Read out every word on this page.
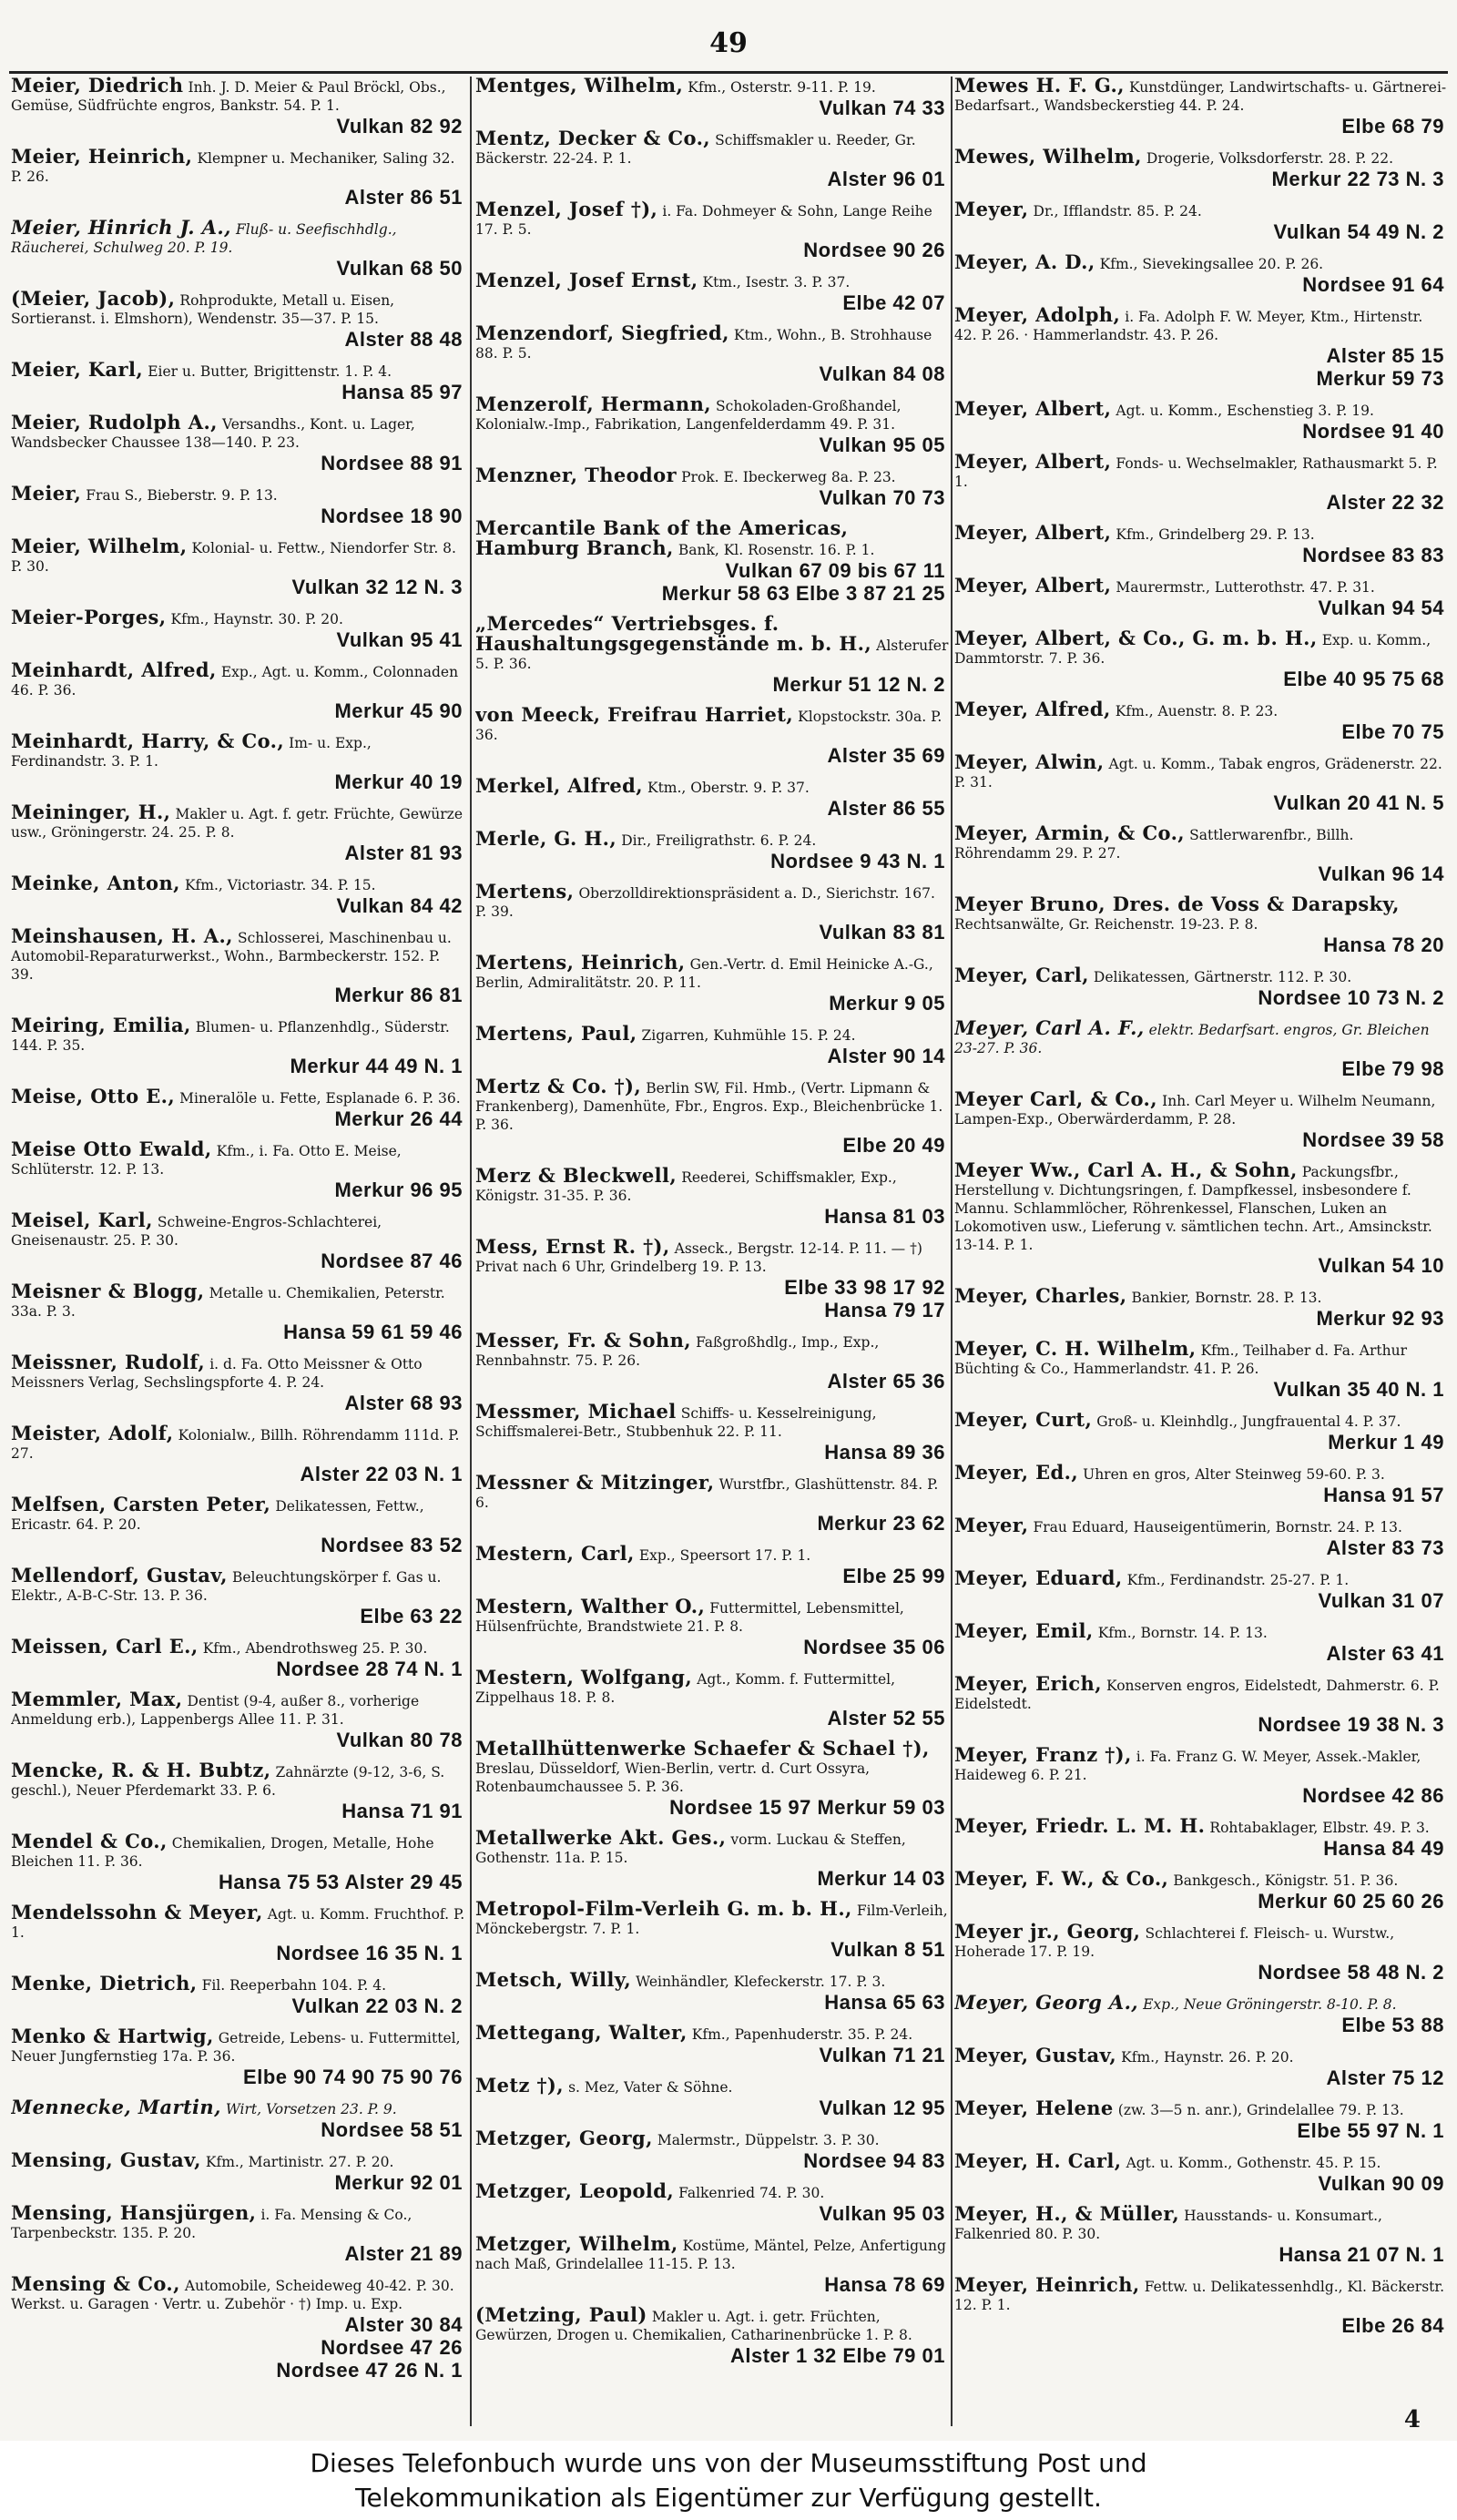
49
Meier, Diedrich Inh. J. D. Meier & Paul Bröckl, Obs., Gemüse, Südfrüchte engros, Bankstr. 54. P. 1.
Vulkan 82 92
Meier, Heinrich, Klempner u. Mechaniker, Saling 32. P. 26.
Alster 86 51
Meier, Hinrich J. A., Fluß- u. Seefischhdlg., Räucherei, Schulweg 20. P. 19.
Vulkan 68 50
(Meier, Jacob), Rohprodukte, Metall u. Eisen, Sortieranst. i. Elmshorn), Wendenstr. 35—37. P. 15.
Alster 88 48
Meier, Karl, Eier u. Butter, Brigittenstr. 1. P. 4.
Hansa 85 97
Meier, Rudolph A., Versandhs., Kont. u. Lager, Wandsbecker Chaussee 138—140. P. 23.
Nordsee 88 91
Meier, Frau S., Bieberstr. 9. P. 13.
Nordsee 18 90
Meier, Wilhelm, Kolonial- u. Fettw., Niendorfer Str. 8. P. 30.
Vulkan 32 12 N. 3
Meier-Porges, Kfm., Haynstr. 30. P. 20.
Vulkan 95 41
Meinhardt, Alfred, Exp., Agt. u. Komm., Colonnaden 46. P. 36.
Merkur 45 90
Meinhardt, Harry, & Co., Im- u. Exp., Ferdinandstr. 3. P. 1.
Merkur 40 19
Meininger, H., Makler u. Agt. f. getr. Früchte, Gewürze usw., Gröningerstr. 24. 25. P. 8.
Alster 81 93
Meinke, Anton, Kfm., Victoriastr. 34. P. 15.
Vulkan 84 42
Meinshausen, H. A., Schlosserei, Maschinenbau u. Automobil-Reparaturwerkst., Wohn., Barmbeckerstr. 152. P. 39.
Merkur 86 81
Meiring, Emilia, Blumen- u. Pflanzenhdlg., Süderstr. 144. P. 35.
Merkur 44 49 N. 1
Meise, Otto E., Mineralöle u. Fette, Esplanade 6. P. 36.
Merkur 26 44
Meise Otto Ewald, Kfm., i. Fa. Otto E. Meise, Schlüterstr. 12. P. 13.
Merkur 96 95
Meisel, Karl, Schweine-Engros-Schlachterei, Gneisenaustr. 25. P. 30.
Nordsee 87 46
Meisner & Blogg, Metalle u. Chemikalien, Peterstr. 33a. P. 3.
Hansa 59 61 59 46
Meissner, Rudolf, i. d. Fa. Otto Meissner & Otto Meissners Verlag, Sechslingspforte 4. P. 24.
Alster 68 93
Meister, Adolf, Kolonialw., Billh. Röhrendamm 111d. P. 27.
Alster 22 03 N. 1
Melfsen, Carsten Peter, Delikatessen, Fettw., Ericastr. 64. P. 20.
Nordsee 83 52
Mellendorf, Gustav, Beleuchtungskörper f. Gas u. Elektr., A-B-C-Str. 13. P. 36.
Elbe 63 22
Meissen, Carl E., Kfm., Abendrothsweg 25. P. 30.
Nordsee 28 74 N. 1
Memmler, Max, Dentist (9-4, außer 8., vorherige Anmeldung erb.), Lappenbergs Allee 11. P. 31.
Vulkan 80 78
Mencke, R. & H. Bubtz, Zahnärzte (9-12, 3-6, S. geschl.), Neuer Pferdemarkt 33. P. 6.
Hansa 71 91
Mendel & Co., Chemikalien, Drogen, Metalle, Hohe Bleichen 11. P. 36.
Hansa 75 53 Alster 29 45
Mendelssohn & Meyer, Agt. u. Komm. Fruchthof. P. 1.
Nordsee 16 35 N. 1
Menke, Dietrich, Fil. Reeperbahn 104. P. 4.
Vulkan 22 03 N. 2
Menko & Hartwig, Getreide, Lebens- u. Futtermittel, Neuer Jungfernstieg 17a. P. 36.
Elbe 90 74 90 75 90 76
Mennecke, Martin, Wirt, Vorsetzen 23. P. 9.
Nordsee 58 51
Mensing, Gustav, Kfm., Martinistr. 27. P. 20.
Merkur 92 01
Mensing, Hansjürgen, i. Fa. Mensing & Co., Tarpenbeckstr. 135. P. 20.
Alster 21 89
Mensing & Co., Automobile, Scheideweg 40-42. P. 30. Werkst. u. Garagen · Vertr. u. Zubehör · †) Imp. u. Exp.
Alster 30 84
Nordsee 47 26
Nordsee 47 26 N. 1
Mentges, Wilhelm, Kfm., Osterstr. 9-11. P. 19.
Vulkan 74 33
Mentz, Decker & Co., Schiffsmakler u. Reeder, Gr. Bäckerstr. 22-24. P. 1.
Alster 96 01
Menzel, Josef †), i. Fa. Dohmeyer & Sohn, Lange Reihe 17. P. 5.
Nordsee 90 26
Menzel, Josef Ernst, Ktm., Isestr. 3. P. 37.
Elbe 42 07
Menzendorf, Siegfried, Ktm., Wohn., B. Strohhause 88. P. 5.
Vulkan 84 08
Menzerolf, Hermann, Schokoladen-Großhandel, Kolonialw.-Imp., Fabrikation, Langenfelderdamm 49. P. 31.
Vulkan 95 05
Menzner, Theodor Prok. E. Ibeckerweg 8a. P. 23.
Vulkan 70 73
Mercantile Bank of the Americas, Hamburg Branch, Bank, Kl. Rosenstr. 16. P. 1.
Vulkan 67 09 bis 67 11
Merkur 58 63 Elbe 3 87 21 25
„Mercedes“ Vertriebsges. f. Haushaltungsgegenstände m. b. H., Alsterufer 5. P. 36.
Merkur 51 12 N. 2
von Meeck, Freifrau Harriet, Klopstockstr. 30a. P. 36.
Alster 35 69
Merkel, Alfred, Ktm., Oberstr. 9. P. 37.
Alster 86 55
Merle, G. H., Dir., Freiligrathstr. 6. P. 24.
Nordsee 9 43 N. 1
Mertens, Oberzolldirektionspräsident a. D., Sierichstr. 167. P. 39.
Vulkan 83 81
Mertens, Heinrich, Gen.-Vertr. d. Emil Heinicke A.-G., Berlin, Admiralitätstr. 20. P. 11.
Merkur 9 05
Mertens, Paul, Zigarren, Kuhmühle 15. P. 24.
Alster 90 14
Mertz & Co. †), Berlin SW, Fil. Hmb., (Vertr. Lipmann & Frankenberg), Damenhüte, Fbr., Engros. Exp., Bleichenbrücke 1. P. 36.
Elbe 20 49
Merz & Bleckwell, Reederei, Schiffsmakler, Exp., Königstr. 31-35. P. 36.
Hansa 81 03
Mess, Ernst R. †), Asseck., Bergstr. 12-14. P. 11. — †) Privat nach 6 Uhr, Grindelberg 19. P. 13.
Elbe 33 98 17 92
Hansa 79 17
Messer, Fr. & Sohn, Faßgroßhdlg., Imp., Exp., Rennbahnstr. 75. P. 26.
Alster 65 36
Messmer, Michael Schiffs- u. Kesselreinigung, Schiffsmalerei-Betr., Stubbenhuk 22. P. 11.
Hansa 89 36
Messner & Mitzinger, Wurstfbr., Glashüttenstr. 84. P. 6.
Merkur 23 62
Mestern, Carl, Exp., Speersort 17. P. 1.
Elbe 25 99
Mestern, Walther O., Futtermittel, Lebensmittel, Hülsenfrüchte, Brandstwiete 21. P. 8.
Nordsee 35 06
Mestern, Wolfgang, Agt., Komm. f. Futtermittel, Zippelhaus 18. P. 8.
Alster 52 55
Metallhüttenwerke Schaefer & Schael †), Breslau, Düsseldorf, Wien-Berlin, vertr. d. Curt Ossyra, Rotenbaumchaussee 5. P. 36.
Nordsee 15 97 Merkur 59 03
Metallwerke Akt. Ges., vorm. Luckau & Steffen, Gothenstr. 11a. P. 15.
Merkur 14 03
Metropol-Film-Verleih G. m. b. H., Film-Verleih, Mönckebergstr. 7. P. 1.
Vulkan 8 51
Metsch, Willy, Weinhändler, Klefeckerstr. 17. P. 3.
Hansa 65 63
Mettegang, Walter, Kfm., Papenhuderstr. 35. P. 24.
Vulkan 71 21
Metz †), s. Mez, Vater & Söhne.
Vulkan 12 95
Metzger, Georg, Malermstr., Düppelstr. 3. P. 30.
Nordsee 94 83
Metzger, Leopold, Falkenried 74. P. 30.
Vulkan 95 03
Metzger, Wilhelm, Kostüme, Mäntel, Pelze, Anfertigung nach Maß, Grindelallee 11-15. P. 13.
Hansa 78 69
(Metzing, Paul) Makler u. Agt. i. getr. Früchten, Gewürzen, Drogen u. Chemikalien, Catharinenbrücke 1. P. 8.
Alster 1 32 Elbe 79 01
Mewes H. F. G., Kunstdünger, Landwirtschafts- u. Gärtnerei-Bedarfsart., Wandsbeckerstieg 44. P. 24.
Elbe 68 79
Mewes, Wilhelm, Drogerie, Volksdorferstr. 28. P. 22.
Merkur 22 73 N. 3
Meyer, Dr., Ifflandstr. 85. P. 24.
Vulkan 54 49 N. 2
Meyer, A. D., Kfm., Sievekingsallee 20. P. 26.
Nordsee 91 64
Meyer, Adolph, i. Fa. Adolph F. W. Meyer, Ktm., Hirtenstr. 42. P. 26. · Hammerlandstr. 43. P. 26.
Alster 85 15
Merkur 59 73
Meyer, Albert, Agt. u. Komm., Eschenstieg 3. P. 19.
Nordsee 91 40
Meyer, Albert, Fonds- u. Wechselmakler, Rathausmarkt 5. P. 1.
Alster 22 32
Meyer, Albert, Kfm., Grindelberg 29. P. 13.
Nordsee 83 83
Meyer, Albert, Maurermstr., Lutterothstr. 47. P. 31.
Vulkan 94 54
Meyer, Albert, & Co., G. m. b. H., Exp. u. Komm., Dammtorstr. 7. P. 36.
Elbe 40 95 75 68
Meyer, Alfred, Kfm., Auenstr. 8. P. 23.
Elbe 70 75
Meyer, Alwin, Agt. u. Komm., Tabak engros, Grädenerstr. 22. P. 31.
Vulkan 20 41 N. 5
Meyer, Armin, & Co., Sattlerwarenfbr., Billh. Röhrendamm 29. P. 27.
Vulkan 96 14
Meyer Bruno, Dres. de Voss & Darapsky, Rechtsanwälte, Gr. Reichenstr. 19-23. P. 8.
Hansa 78 20
Meyer, Carl, Delikatessen, Gärtnerstr. 112. P. 30.
Nordsee 10 73 N. 2
Meyer, Carl A. F., elektr. Bedarfsart. engros, Gr. Bleichen 23-27. P. 36.
Elbe 79 98
Meyer Carl, & Co., Inh. Carl Meyer u. Wilhelm Neumann, Lampen-Exp., Oberwärderdamm, P. 28.
Nordsee 39 58
Meyer Ww., Carl A. H., & Sohn, Packungsfbr., Herstellung v. Dichtungsringen, f. Dampfkessel, insbesondere f. Mannu. Schlammlöcher, Röhrenkessel, Flanschen, Luken an Lokomotiven usw., Lieferung v. sämtlichen techn. Art., Amsinckstr. 13-14. P. 1.
Vulkan 54 10
Meyer, Charles, Bankier, Bornstr. 28. P. 13.
Merkur 92 93
Meyer, C. H. Wilhelm, Kfm., Teilhaber d. Fa. Arthur Büchting & Co., Hammerlandstr. 41. P. 26.
Vulkan 35 40 N. 1
Meyer, Curt, Groß- u. Kleinhdlg., Jungfrauental 4. P. 37.
Merkur 1 49
Meyer, Ed., Uhren en gros, Alter Steinweg 59-60. P. 3.
Hansa 91 57
Meyer, Frau Eduard, Hauseigentümerin, Bornstr. 24. P. 13.
Alster 83 73
Meyer, Eduard, Kfm., Ferdinandstr. 25-27. P. 1.
Vulkan 31 07
Meyer, Emil, Kfm., Bornstr. 14. P. 13.
Alster 63 41
Meyer, Erich, Konserven engros, Eidelstedt, Dahmerstr. 6. P. Eidelstedt.
Nordsee 19 38 N. 3
Meyer, Franz †), i. Fa. Franz G. W. Meyer, Assek.-Makler, Haideweg 6. P. 21.
Nordsee 42 86
Meyer, Friedr. L. M. H. Rohtabaklager, Elbstr. 49. P. 3.
Hansa 84 49
Meyer, F. W., & Co., Bankgesch., Königstr. 51. P. 36.
Merkur 60 25 60 26
Meyer jr., Georg, Schlachterei f. Fleisch- u. Wurstw., Hoherade 17. P. 19.
Nordsee 58 48 N. 2
Meyer, Georg A., Exp., Neue Gröningerstr. 8-10. P. 8.
Elbe 53 88
Meyer, Gustav, Kfm., Haynstr. 26. P. 20.
Alster 75 12
Meyer, Helene (zw. 3—5 n. anr.), Grindelallee 79. P. 13.
Elbe 55 97 N. 1
Meyer, H. Carl, Agt. u. Komm., Gothenstr. 45. P. 15.
Vulkan 90 09
Meyer, H., & Müller, Hausstands- u. Konsumart., Falkenried 80. P. 30.
Hansa 21 07 N. 1
Meyer, Heinrich, Fettw. u. Delikatessenhdlg., Kl. Bäckerstr. 12. P. 1.
Elbe 26 84
4
Dieses Telefonbuch wurde uns von der Museumsstiftung Post und
Telekommunikation als Eigentümer zur Verfügung gestellt.
